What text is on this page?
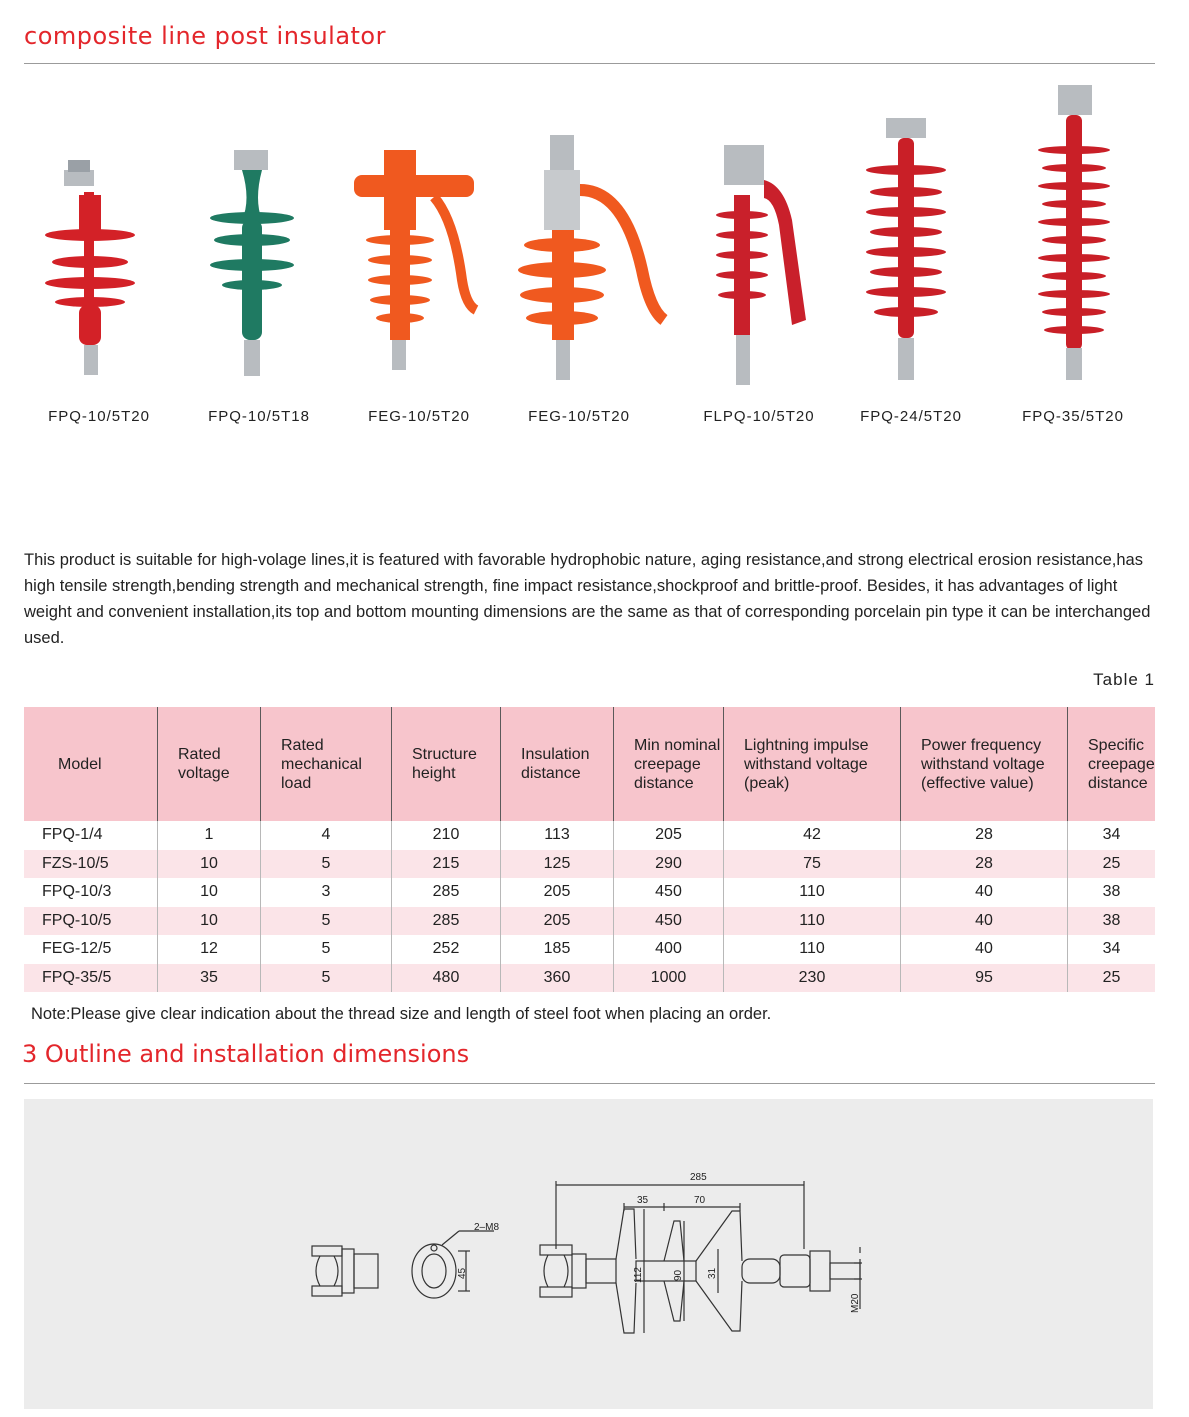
composite line post insulator
FPQ-10/5T20	FPQ-10/5T18	FEG-10/5T20	FEG-10/5T20	FLPQ-10/5T20	FPQ-24/5T20	FPQ-35/5T20
This product is suitable for high-volage lines,it is featured with favorable hydrophobic nature, aging resistance,and strong electrical erosion resistance,has high tensile strength,bending strength and mechanical strength, fine impact resistance,shockproof and brittle-proof. Besides, it has advantages of light weight and convenient installation,its top and bottom mounting dimensions are the same as that of corresponding porcelain pin type it can be interchanged used.
Table 1
Model	Rated voltage	Rated mechanical load	Structure height	Insulation distance	Min nominal creepage distance	Lightning impulse withstand voltage (peak)	Power frequency withstand voltage (effective value)	Specific creepage distance
FPQ-1/4	1	4	210	113	205	42	28	34
FZS-10/5	10	5	215	125	290	75	28	25
FPQ-10/3	10	3	285	205	450	110	40	38
FPQ-10/5	10	5	285	205	450	110	40	38
FEG-12/5	12	5	252	185	400	110	40	34
FPQ-35/5	35	5	480	360	1000	230	95	25
Note:Please give clear indication about the thread size and length of steel foot when placing an order.
3 Outline and installation dimensions
2–M8
45
285
35	70
112	90 31
M20
